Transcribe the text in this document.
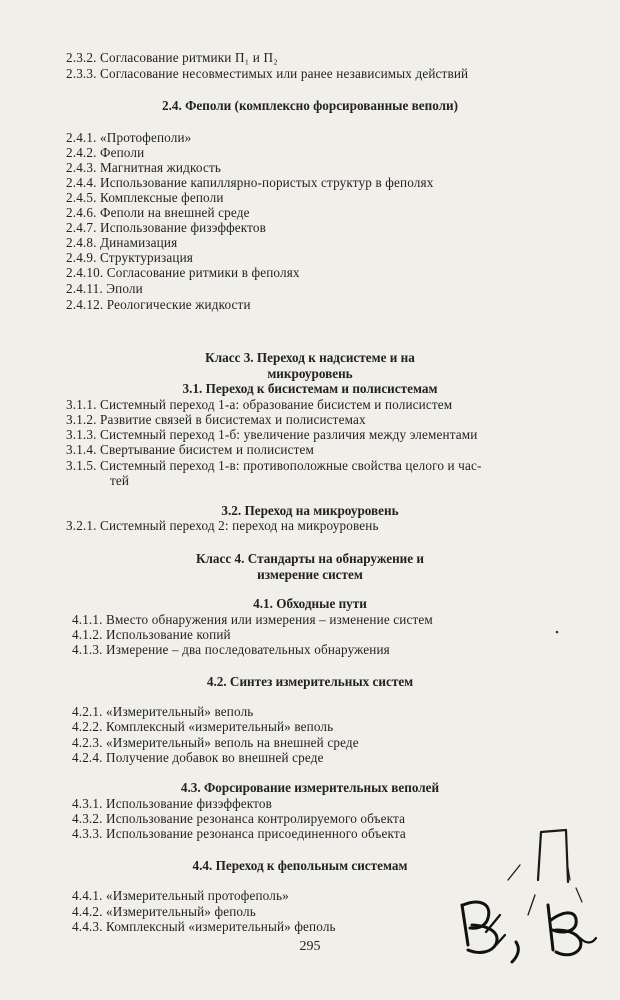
2.3.2. Согласование ритмики П₁ и П₂
2.3.3. Согласование несовместимых или ранее независимых действий
2.4. Феполи (комплексно форсированные веполи)
2.4.1. «Протофеполи»
2.4.2. Феполи
2.4.3. Магнитная жидкость
2.4.4. Использование капиллярно-пористых структур в феполях
2.4.5. Комплексные феполи
2.4.6. Феполи на внешней среде
2.4.7. Использование физэффектов
2.4.8. Динамизация
2.4.9. Структуризация
2.4.10. Согласование ритмики в феполях
2.4.11. Эполи
2.4.12. Реологические жидкости
Класс 3. Переход к надсистеме и на
микроуровень
3.1. Переход к бисистемам и полисистемам
3.1.1. Системный переход 1-а: образование бисистем и полисистем
3.1.2. Развитие связей в бисистемах и полисистемах
3.1.3. Системный переход 1-б: увеличение различия между элементами
3.1.4. Свертывание бисистем и полисистем
3.1.5. Системный переход 1-в: противоположные свойства целого и час-
тей
3.2. Переход на микроуровень
3.2.1. Системный переход 2: переход на микроуровень
Класс 4. Стандарты на обнаружение и
измерение систем
4.1. Обходные пути
4.1.1. Вместо обнаружения или измерения – изменение систем
4.1.2. Использование копий
4.1.3. Измерение – два последовательных обнаружения
4.2. Синтез измерительных систем
4.2.1. «Измерительный» веполь
4.2.2. Комплексный «измерительный» веполь
4.2.3. «Измерительный» веполь на внешней среде
4.2.4. Получение добавок во внешней среде
4.3. Форсирование измерительных веполей
4.3.1. Использование физэффектов
4.3.2. Использование резонанса контролируемого объекта
4.3.3. Использование резонанса присоединенного объекта
4.4. Переход к фепольным системам
4.4.1. «Измерительный протофеполь»
4.4.2. «Измерительный» феполь
4.4.3. Комплексный «измерительный» феполь
295
